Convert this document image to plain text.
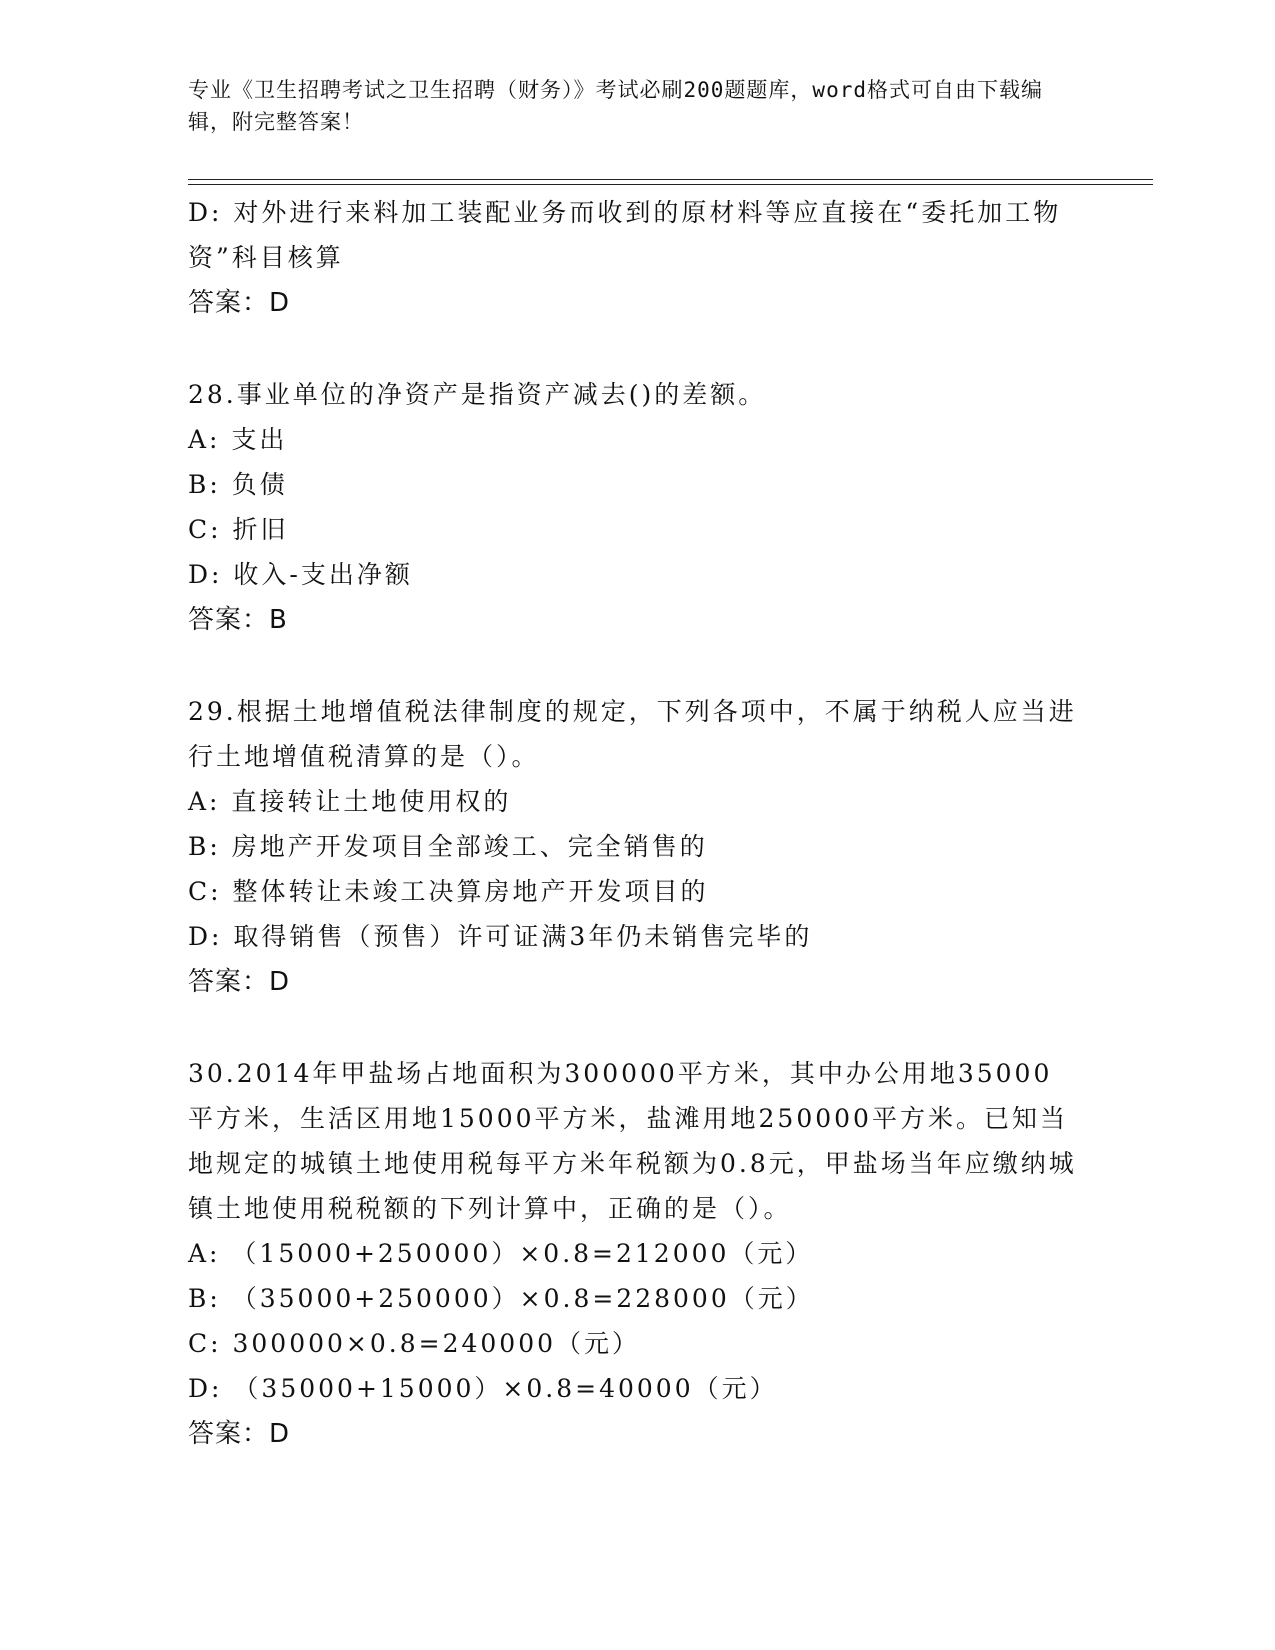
专业《卫生招聘考试之卫生招聘（财务）》考试必刷200题题库，word格式可自由下载编辑，附完整答案！
D: 对外进行来料加工装配业务而收到的原材料等应直接在“委托加工物资”科目核算
答案：D
28.事业单位的净资产是指资产减去()的差额。
A: 支出
B: 负债
C: 折旧
D: 收入-支出净额
答案：B
29.根据土地增值税法律制度的规定，下列各项中，不属于纳税人应当进行土地增值税清算的是（）。
A: 直接转让土地使用权的
B: 房地产开发项目全部竣工、完全销售的
C: 整体转让未竣工决算房地产开发项目的
D: 取得销售（预售）许可证满3年仍未销售完毕的
答案：D
30.2014年甲盐场占地面积为300000平方米，其中办公用地35000平方米，生活区用地15000平方米，盐滩用地250000平方米。已知当地规定的城镇土地使用税每平方米年税额为0.8元，甲盐场当年应缴纳城镇土地使用税税额的下列计算中，正确的是（）。
A: （15000+250000）×0.8=212000（元）
B: （35000+250000）×0.8=228000（元）
C: 300000×0.8=240000（元）
D: （35000+15000）×0.8=40000（元）
答案：D
